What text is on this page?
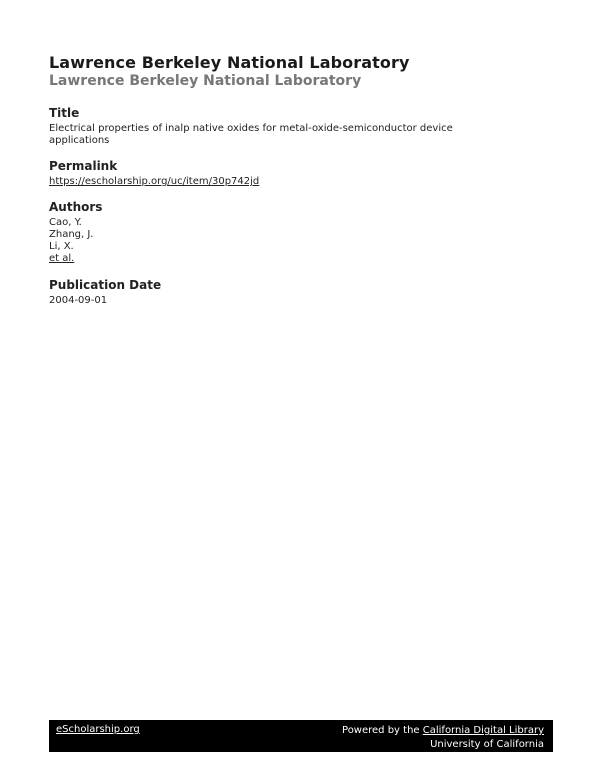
Lawrence Berkeley National Laboratory
Lawrence Berkeley National Laboratory
Title
Electrical properties of inalp native oxides for metal-oxide-semiconductor device
applications
Permalink
https://escholarship.org/uc/item/30p742jd
Authors
Cao, Y.
Zhang, J.
Li, X.
et al.
Publication Date
2004-09-01
eScholarship.org	Powered by the California Digital Library
University of California
